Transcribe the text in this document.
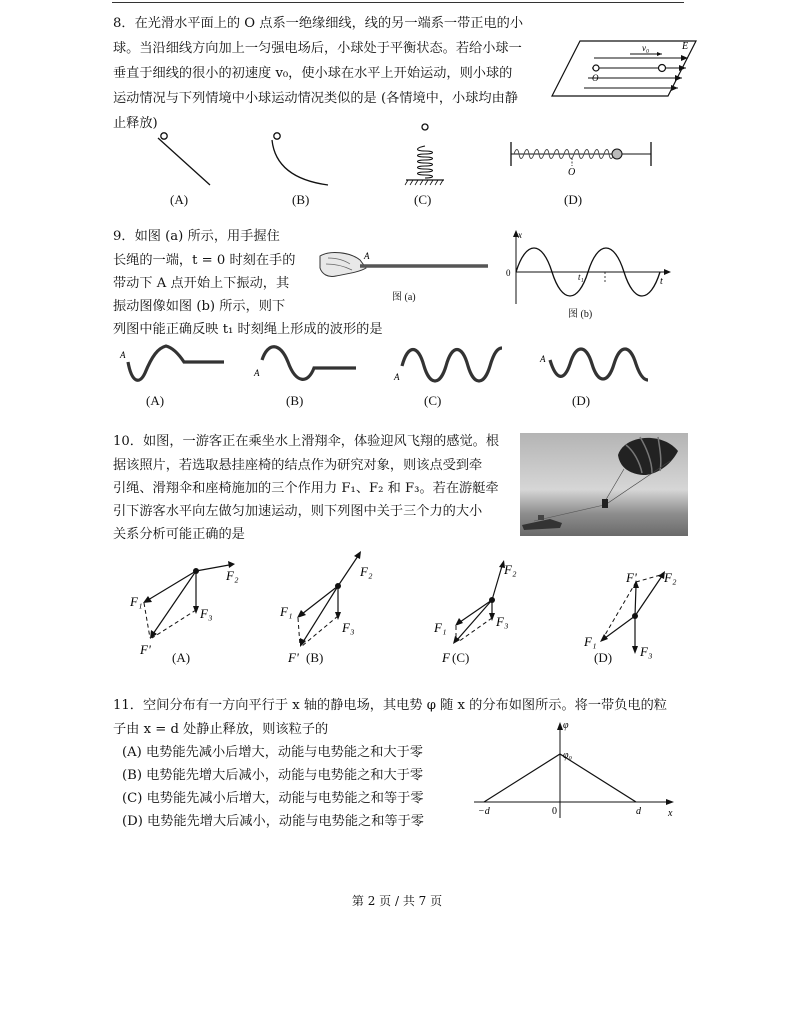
8．在光滑水平面上的 O 点系一绝缘细线，线的另一端系一带正电的小

球。当沿细线方向加上一匀强电场后，小球处于平衡状态。若给小球一

垂直于细线的很小的初速度 v₀，使小球在水平上开始运动，则小球的

运动情况与下列情境中小球运动情况类似的是 (各情境中，小球均由静

止释放)

O
v₀	E
O
(A)	(B)	(C)	(D)

9．如图 (a) 所示，用手握住

长绳的一端，t = 0 时刻在手的

带动下 A 点开始上下振动，其

振动图像如图 (b) 所示，则下

列图中能正确反映 t₁ 时刻绳上形成的波形的是

A
图 (a)
x
0
t
t₁
图 (b)
A
A	A
A
(A)	(B)	(C)	(D)

10．如图，一游客正在乘坐水上滑翔伞，体验迎风飞翔的感觉。根

据该照片，若选取悬挂座椅的结点作为研究对象，则该点受到牵

引绳、滑翔伞和座椅施加的三个作用力 F₁、F₂ 和 F₃。若在游艇牵

引下游客水平向左做匀加速运动，则下列图中关于三个力的大小

关系分析可能正确的是

F₂
F₁
F₃
F'
F₂
F₁
F₃
F'
F₂
F₁	F₃
F
F₂
F'
F₁
F₃
(A)	(B)	(C)	(D)

11．空间分布有一方向平行于 x 轴的静电场，其电势 φ 随 x 的分布如图所示。将一带负电的粒

子由 x = d 处静止释放，则该粒子的

(A) 电势能先减小后增大，动能与电势能之和大于零
(B) 电势能先增大后减小，动能与电势能之和大于零
(C) 电势能先减小后增大，动能与电势能之和等于零
(D) 电势能先增大后减小，动能与电势能之和等于零
φ
φ₀
x
0
−d	d
第 2 页 / 共 7 页
